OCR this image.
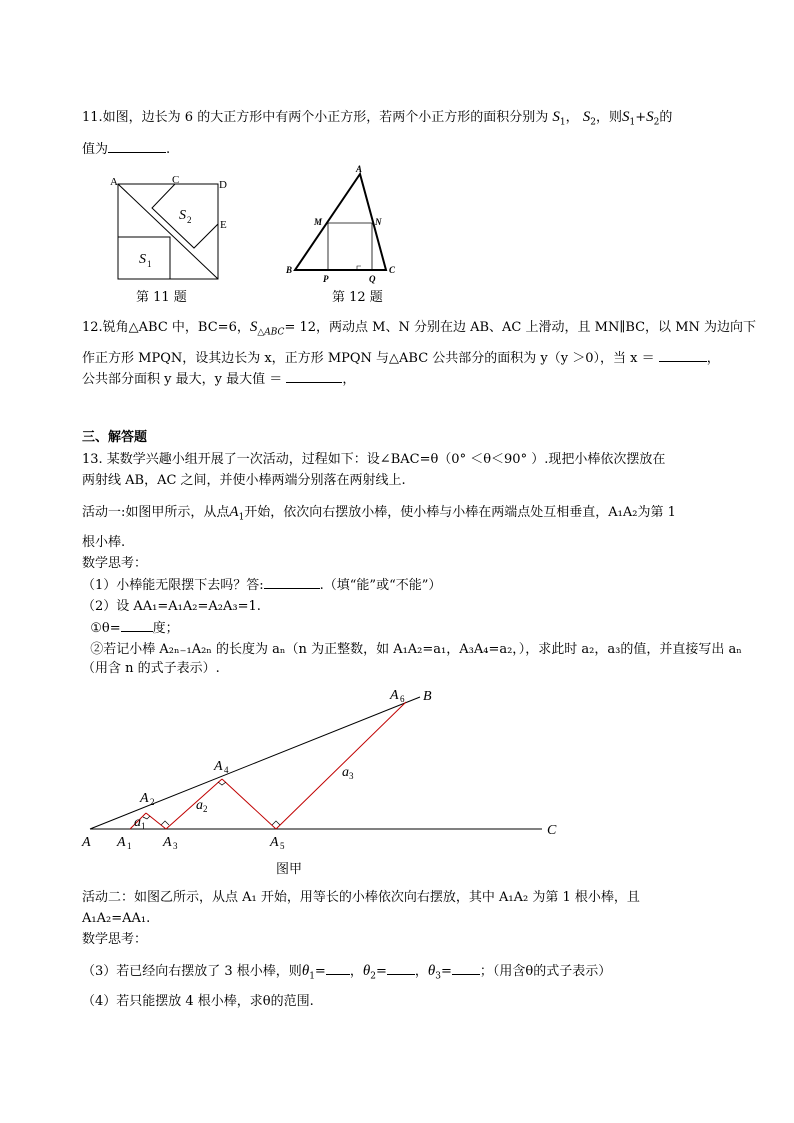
11.如图，边长为 6 的大正方形中有两个小正方形，若两个小正方形的面积分别为 $S_1$， $S_2$，则$S_1+S_2$的
值为	.
A	C	D
E
S 1
S 2
第 11 题
A
B	C
M	N
P	Q
第 12 题
12.锐角△ABC 中，BC=6，$S_{\triangle ABC}= 12$，两动点 M、N 分别在边 AB、AC 上滑动，且 MN∥BC，以 MN 为边向下
作正方形 MPQN，设其边长为 x，正方形 MPQN 与△ABC 公共部分的面积为 y（y ＞0），当 x ＝	，
公共部分面积 y 最大，y 最大值 ＝	，
三、解答题
13. 某数学兴趣小组开展了一次活动，过程如下：设∠BAC=θ（0° ＜θ＜90° ）.现把小棒依次摆放在
两射线 AB，AC 之间，并使小棒两端分别落在两射线上.
活动一:如图甲所示，从点$A_1$开始，依次向右摆放小棒，使小棒与小棒在两端点处互相垂直，A₁A₂为第 1
根小棒.
数学思考：
（1）小棒能无限摆下去吗？答:	.（填“能”或“不能”）
（2）设 AA₁=A₁A₂=A₂A₃=1.
①θ= 度；
②若记小棒 A₂ₙ₋₁A₂ₙ 的长度为 aₙ（n 为正整数，如 A₁A₂=a₁，A₃A₄=a₂，），求此时 a₂，a₃的值，并直接写出 aₙ
（用含 n 的式子表示）.
A A 1
A 2
A 3
A 4
A 5
A 6 B
C
a 1
a 2
a 3
图甲
活动二：如图乙所示，从点 A₁ 开始，用等长的小棒依次向右摆放，其中 A₁A₂ 为第 1 根小棒，且
A₁A₂=AA₁.
数学思考：
（3）若已经向右摆放了 3 根小棒，则$\theta_1=$ ，$\theta_2=$ ，$\theta_3=$ ；（用含θ的式子表示）
（4）若只能摆放 4 根小棒，求θ的范围.
